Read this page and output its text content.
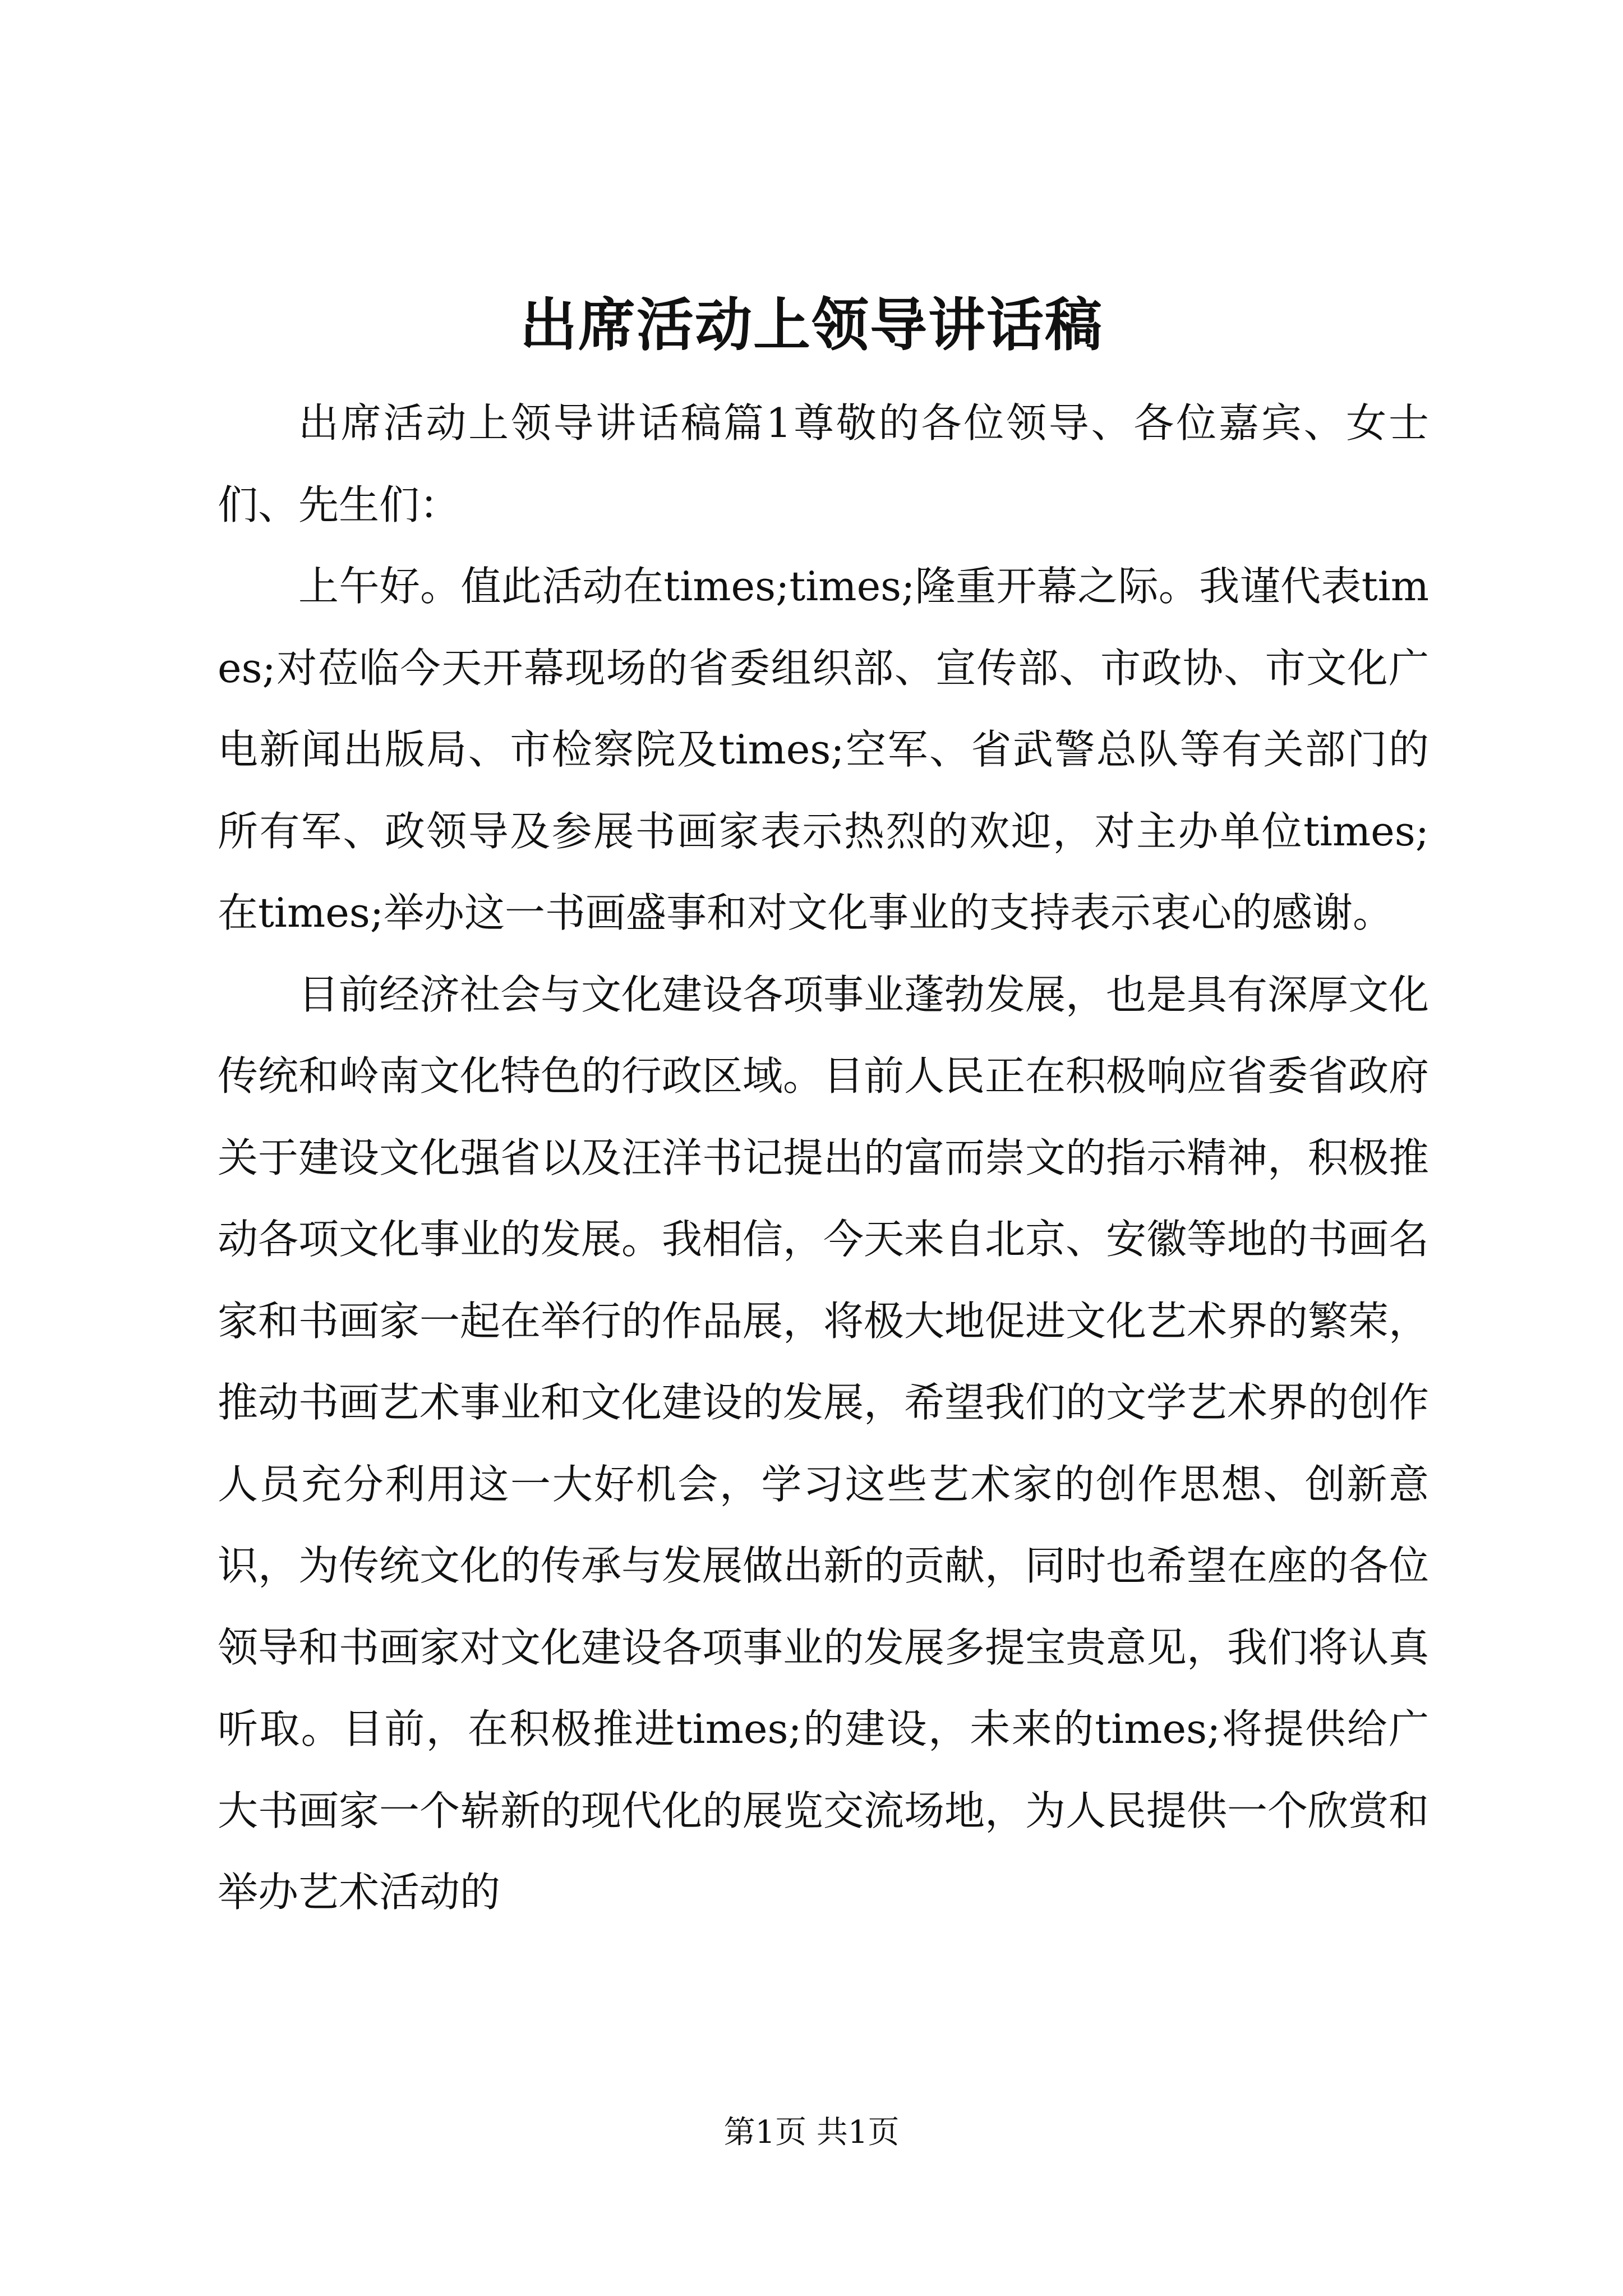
出席活动上领导讲话稿

出席活动上领导讲话稿篇1尊敬的各位领导、各位嘉宾、女士们、先生们：

上午好。值此活动在times;times;隆重开幕之际。我谨代表times;对莅临今天开幕现场的省委组织部、宣传部、市政协、市文化广电新闻出版局、市检察院及times;空军、省武警总队等有关部门的所有军、政领导及参展书画家表示热烈的欢迎，对主办单位times;在times;举办这一书画盛事和对文化事业的支持表示衷心的感谢。

目前经济社会与文化建设各项事业蓬勃发展，也是具有深厚文化传统和岭南文化特色的行政区域。目前人民正在积极响应省委省政府关于建设文化强省以及汪洋书记提出的富而崇文的指示精神，积极推动各项文化事业的发展。我相信，今天来自北京、安徽等地的书画名家和书画家一起在举行的作品展，将极大地促进文化艺术界的繁荣，推动书画艺术事业和文化建设的发展，希望我们的文学艺术界的创作人员充分利用这一大好机会，学习这些艺术家的创作思想、创新意识，为传统文化的传承与发展做出新的贡献，同时也希望在座的各位领导和书画家对文化建设各项事业的发展多提宝贵意见，我们将认真听取。目前，在积极推进times;的建设，未来的times;将提供给广大书画家一个崭新的现代化的展览交流场地，为人民提供一个欣赏和举办艺术活动的

第1页 共1页
